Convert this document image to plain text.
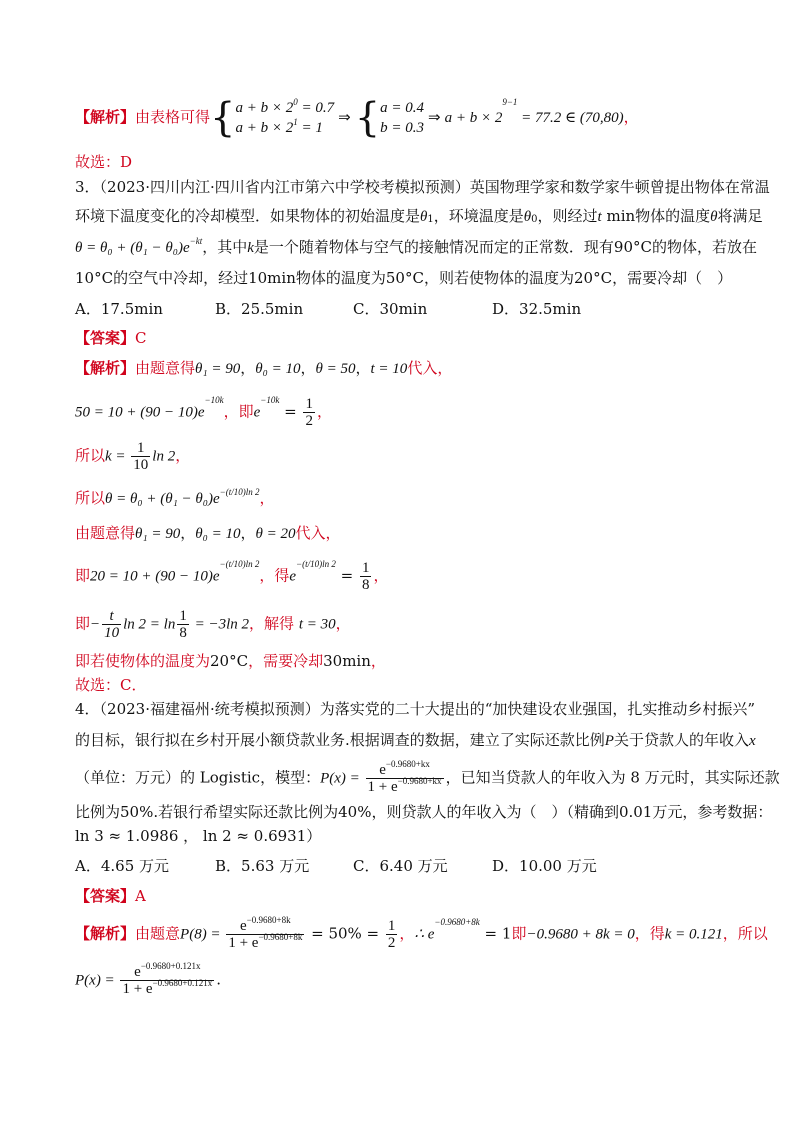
【解析】由表格可得{ $a + b \times 2^0 = 0.7$
$a + b \times 2^1 = 1$
⇒ { a = 0.4
b = 0.3
⇒ $a + b \times 2^{9-1} = 77.2$ ∈ (70,80)，
故选：D
3．（2023·四川内江·四川省内江市第六中学校考模拟预测）英国物理学家和数学家牛顿曾提出物体在常温
环境下温度变化的冷却模型．如果物体的初始温度是$\theta_1$，环境温度是$\theta_0$，则经过t min物体的温度θ将满足
$\theta = \theta_0 + (\theta_1 - \theta_0)e^{-kt}$，其中k是一个随着物体与空气的接触情况而定的正常数．现有90°C的物体，若放在
10°C的空气中冷却，经过10min物体的温度为50°C，则若使物体的温度为20°C，需要冷却（　）
A．17.5min	B．25.5min	C．30min	D．32.5min
【答案】C
【解析】由题意得θ₁ = 90，θ₀ = 10，θ = 50，t = 10代入，
$50 = 10 + (90 - 10)e^{-10k}$，即$e^{-10k} = \frac{1}{2}$ ，
所以$k = \frac{1}{10}$ ln 2，
所以$\theta = \theta_0 + (\theta_1 - \theta_0)e^{-(t/10)ln 2}$，
由题意得θ₁ = 90，θ₀ = 10，θ = 20代入，
即$20 = 10 + (90 - 10)e^{-(t/10)ln 2}$，得$e^{-(t/10)ln 2} = \frac{1}{8}$ ，
即− $\frac{t}{10}$ $\ln 2 = \ln \frac{1}{8} = -3\ln$ 2，解得 t = 30，
即若使物体的温度为20°C，需要冷却30min，
故选：C．
4．（2023·福建福州·统考模拟预测）为落实党的二十大提出的“加快建设农业强国，扎实推动乡村振兴”
的目标，银行拟在乡村开展小额贷款业务.根据调查的数据，建立了实际还款比例P关于贷款人的年收入x
（单位：万元）的 Logistic，模型：$P(x) = \frac{e^{-0.9680+kx}}{1 + e^{-0.9680+kx}}$ ，已知当贷款人的年收入为 8 万元时，其实际还款
比例为50%.若银行希望实际还款比例为40%，则贷款人的年收入为（　）（精确到0.01万元，参考数据：
ln 3 ≈ 1.0986 ， ln 2 ≈ 0.6931）
A．4.65 万元	B．5.63 万元	C．6.40 万元	D．10.00 万元
【答案】A
【解析】由题意$P(8) = \frac{e^{-0.9680+8k}}{1 + e^{-0.9680+8k}} = 50\% = \frac{1}{2}$ ，∴ $e^{-0.9680+8k} = 1$即−0.9680 + 8k = 0，得k = 0.121，所以
$P(x) = \frac{e^{-0.9680+0.121x}}{1 + e^{-0.9680+0.121x}}$ .
